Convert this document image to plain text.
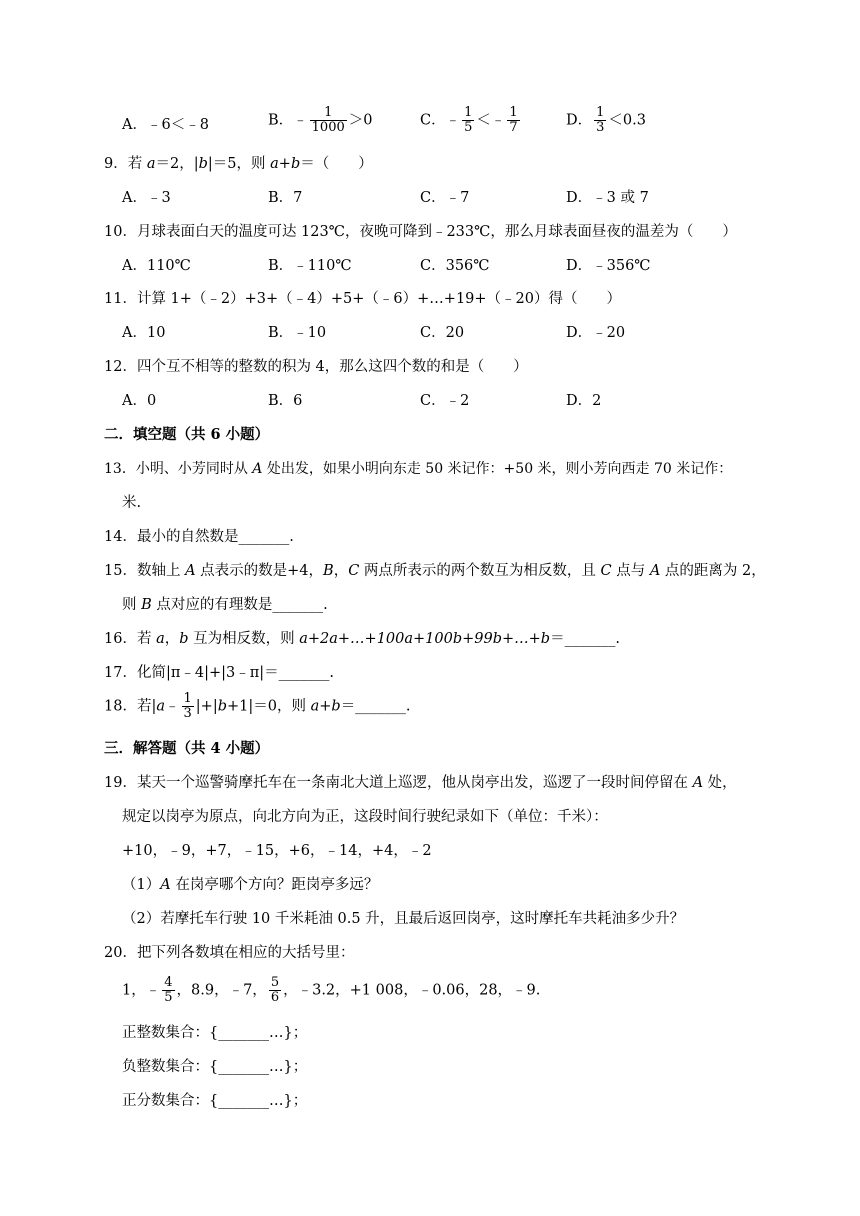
A．﹣6＜﹣8	B．﹣ $\frac{1}{1000} >0$	C．﹣ $\frac{1}{5}$ ＜﹣ $\frac{1}{7}$	D． $\frac{1}{3} <0.3$
9．若 a＝2，|b|＝5，则 a+b＝（　　）
A．﹣3	B．7	C．﹣7	D．﹣3 或 7
10．月球表面白天的温度可达 123℃，夜晚可降到﹣233℃，那么月球表面昼夜的温差为（　　）
A．110℃	B．﹣110℃	C．356℃	D．﹣356℃
11．计算 1+（﹣2）+3+（﹣4）+5+（﹣6）+…+19+（﹣20）得（　　）
A．10	B．﹣10	C．20	D．﹣20
12．四个互不相等的整数的积为 4，那么这四个数的和是（　　）
A．0	B．6	C．﹣2	D．2
二．填空题（共 6 小题）
13．小明、小芳同时从 A 处出发，如果小明向东走 50 米记作：+50 米，则小芳向西走 70 米记作：
米.
14．最小的自然数是_______.
15．数轴上 A 点表示的数是+4，B，C 两点所表示的两个数互为相反数，且 C 点与 A 点的距离为 2，
则 B 点对应的有理数是_______.
16．若 a，b 互为相反数，则 a+2a+…+100a+100b+99b+…+b＝_______.
17．化简|π﹣4|+|3﹣π|＝_______.
18．若|a﹣ $\frac{1}{3} |+|b+1|=0$，则 a+b＝_______.
三．解答题（共 4 小题）
19．某天一个巡警骑摩托车在一条南北大道上巡逻，他从岗亭出发，巡逻了一段时间停留在 A 处，
规定以岗亭为原点，向北方向为正，这段时间行驶纪录如下（单位：千米）：
+10，﹣9，+7，﹣15，+6，﹣14，+4，﹣2
（1）A 在岗亭哪个方向？距岗亭多远？
（2）若摩托车行驶 10 千米耗油 0.5 升，且最后返回岗亭，这时摩托车共耗油多少升？
20．把下列各数填在相应的大括号里：
1，﹣ $\frac{4}{5}$ ，8.9，﹣7， $\frac{5}{6}$ ，﹣3.2，+1 008，﹣0.06，28，﹣9.
正整数集合：{_______…}；
负整数集合：{_______…}；
正分数集合：{_______…}；
